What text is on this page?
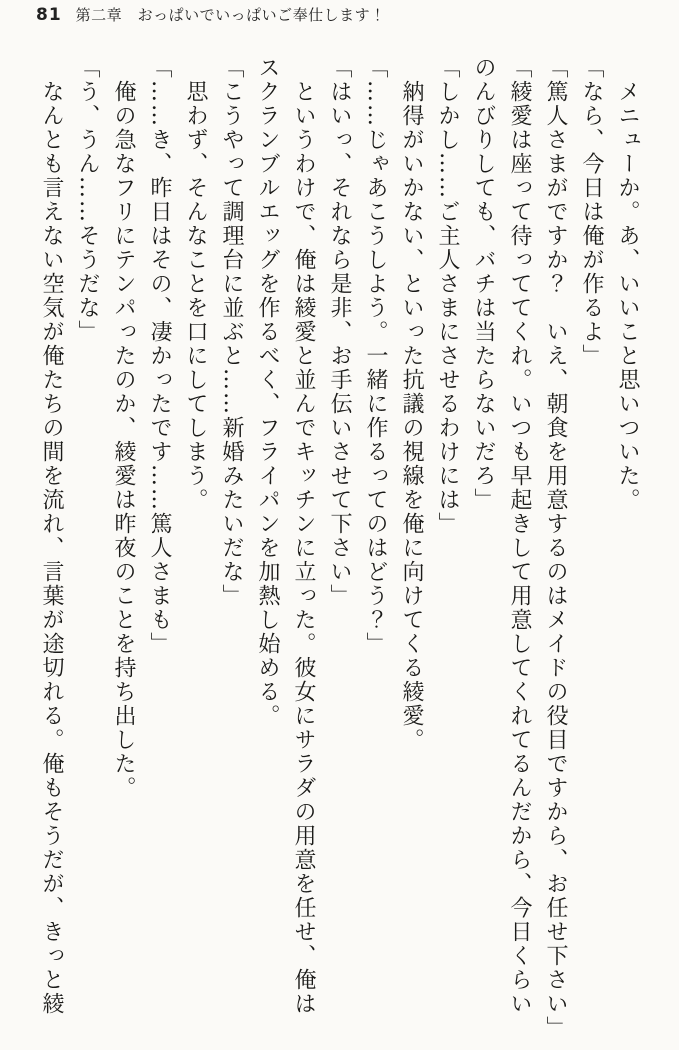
81 第二章　おっぱいでいっぱいご奉仕します！
　メニューか。あ、いいこと思いついた。
「なら、今日は俺が作るよ」
「篤人さまがですか？　いえ、朝食を用意するのはメイドの役目ですから、お任せ下さい」
「綾愛は座って待っててくれ。いつも早起きして用意してくれてるんだから、今日くらい
のんびりしても、バチは当たらないだろ」
「しかし……ご主人さまにさせるわけには」
　納得がいかない、といった抗議の視線を俺に向けてくる綾愛。
「……じゃあこうしよう。一緒に作るってのはどう？」
「はいっ、それなら是非、お手伝いさせて下さい」
　というわけで、俺は綾愛と並んでキッチンに立った。彼女にサラダの用意を任せ、俺は
スクランブルエッグを作るべく、フライパンを加熱し始める。
「こうやって調理台に並ぶと……新婚みたいだな」
　思わず、そんなことを口にしてしまう。
「……き、昨日はその、凄かったです……篤人さまも」
　俺の急なフリにテンパったのか、綾愛は昨夜のことを持ち出した。
「う、うん……そうだな」
　なんとも言えない空気が俺たちの間を流れ、言葉が途切れる。俺もそうだが、きっと綾
